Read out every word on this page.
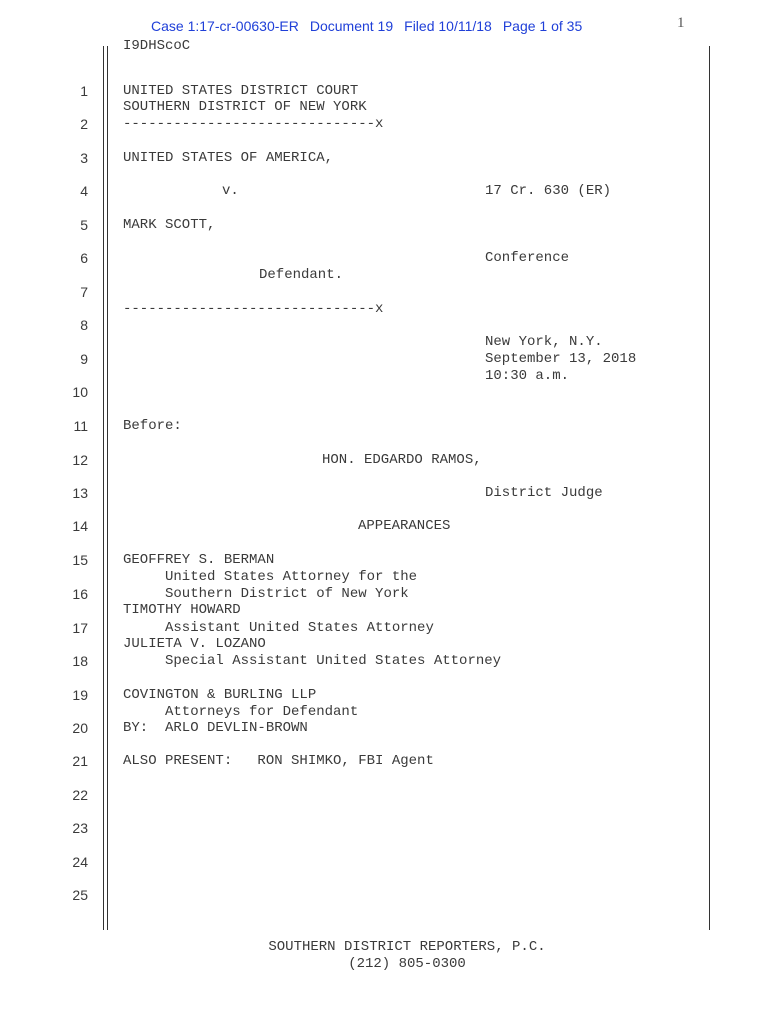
Case 1:17-cr-00630-ER Document 19 Filed 10/11/18 Page 1 of 35	1
I9DHScoC
1
2
3
4
5
6
7
8
9
10
11
12
13
14
15
16
17
18
19
20
21
22
23
24
25
UNITED STATES DISTRICT COURT
SOUTHERN DISTRICT OF NEW YORK
------------------------------x
UNITED STATES OF AMERICA,
v.	17 Cr. 630 (ER)
MARK SCOTT,
Conference
Defendant.
------------------------------x
New York, N.Y.
September 13, 2018
10:30 a.m.
Before:
HON. EDGARDO RAMOS,
District Judge
APPEARANCES
GEOFFREY S. BERMAN
United States Attorney for the
Southern District of New York
TIMOTHY HOWARD
Assistant United States Attorney
JULIETA V. LOZANO
Special Assistant United States Attorney
COVINGTON & BURLING LLP
Attorneys for Defendant
BY:  ARLO DEVLIN-BROWN
ALSO PRESENT:   RON SHIMKO, FBI Agent
SOUTHERN DISTRICT REPORTERS, P.C.
(212) 805-0300
